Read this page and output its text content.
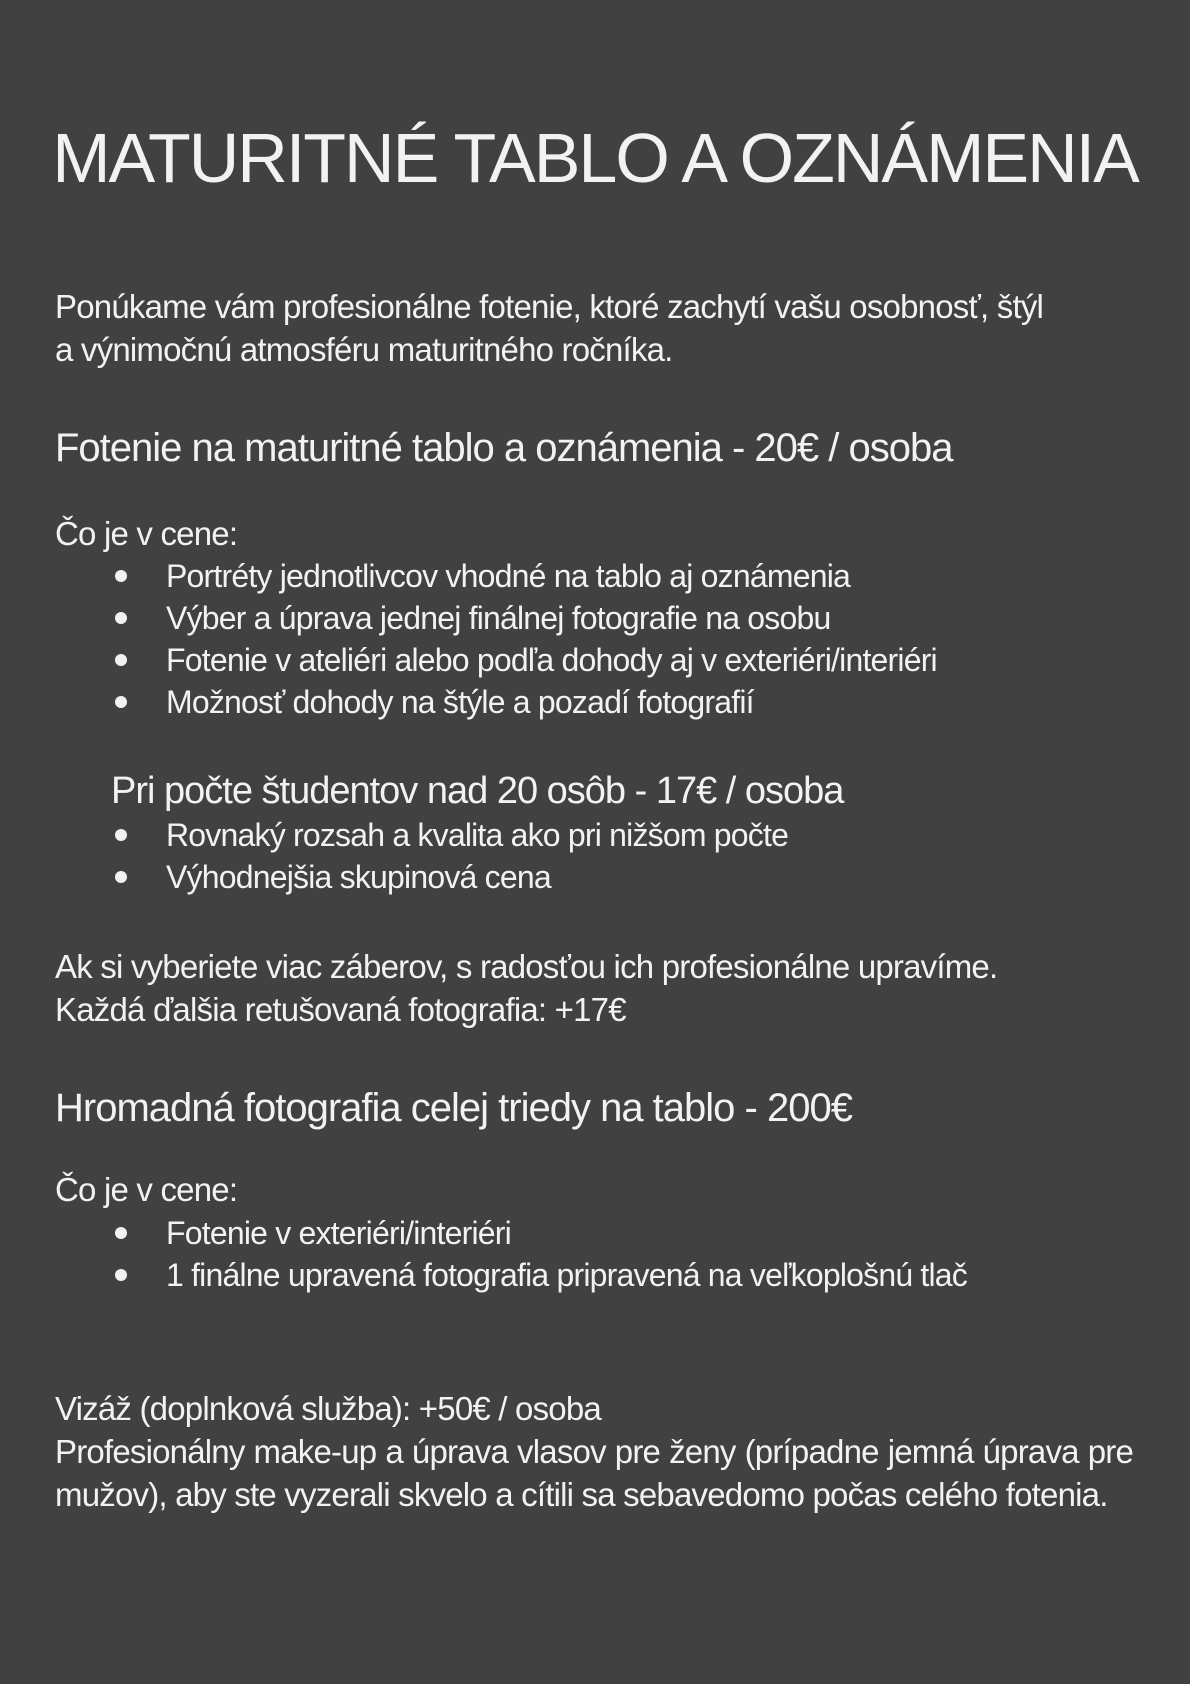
MATURITNÉ TABLO A OZNÁMENIA
Ponúkame vám profesionálne fotenie, ktoré zachytí vašu osobnosť, štýl
a výnimočnú atmosféru maturitného ročníka.
Fotenie na maturitné tablo a oznámenia - 20€ / osoba
Čo je v cene:
Portréty jednotlivcov vhodné na tablo aj oznámenia
Výber a úprava jednej finálnej fotografie na osobu
Fotenie v ateliéri alebo podľa dohody aj v exteriéri/interiéri
Možnosť dohody na štýle a pozadí fotografií
Pri počte študentov nad 20 osôb - 17€ / osoba
Rovnaký rozsah a kvalita ako pri nižšom počte
Výhodnejšia skupinová cena
Ak si vyberiete viac záberov, s radosťou ich profesionálne upravíme.
Každá ďalšia retušovaná fotografia: +17€
Hromadná fotografia celej triedy na tablo - 200€
Čo je v cene:
Fotenie v exteriéri/interiéri
1 finálne upravená fotografia pripravená na veľkoplošnú tlač
Vizáž (doplnková služba): +50€ / osoba
Profesionálny make-up a úprava vlasov pre ženy (prípadne jemná úprava pre mužov), aby ste vyzerali skvelo a cítili sa sebavedomo počas celého fotenia.
